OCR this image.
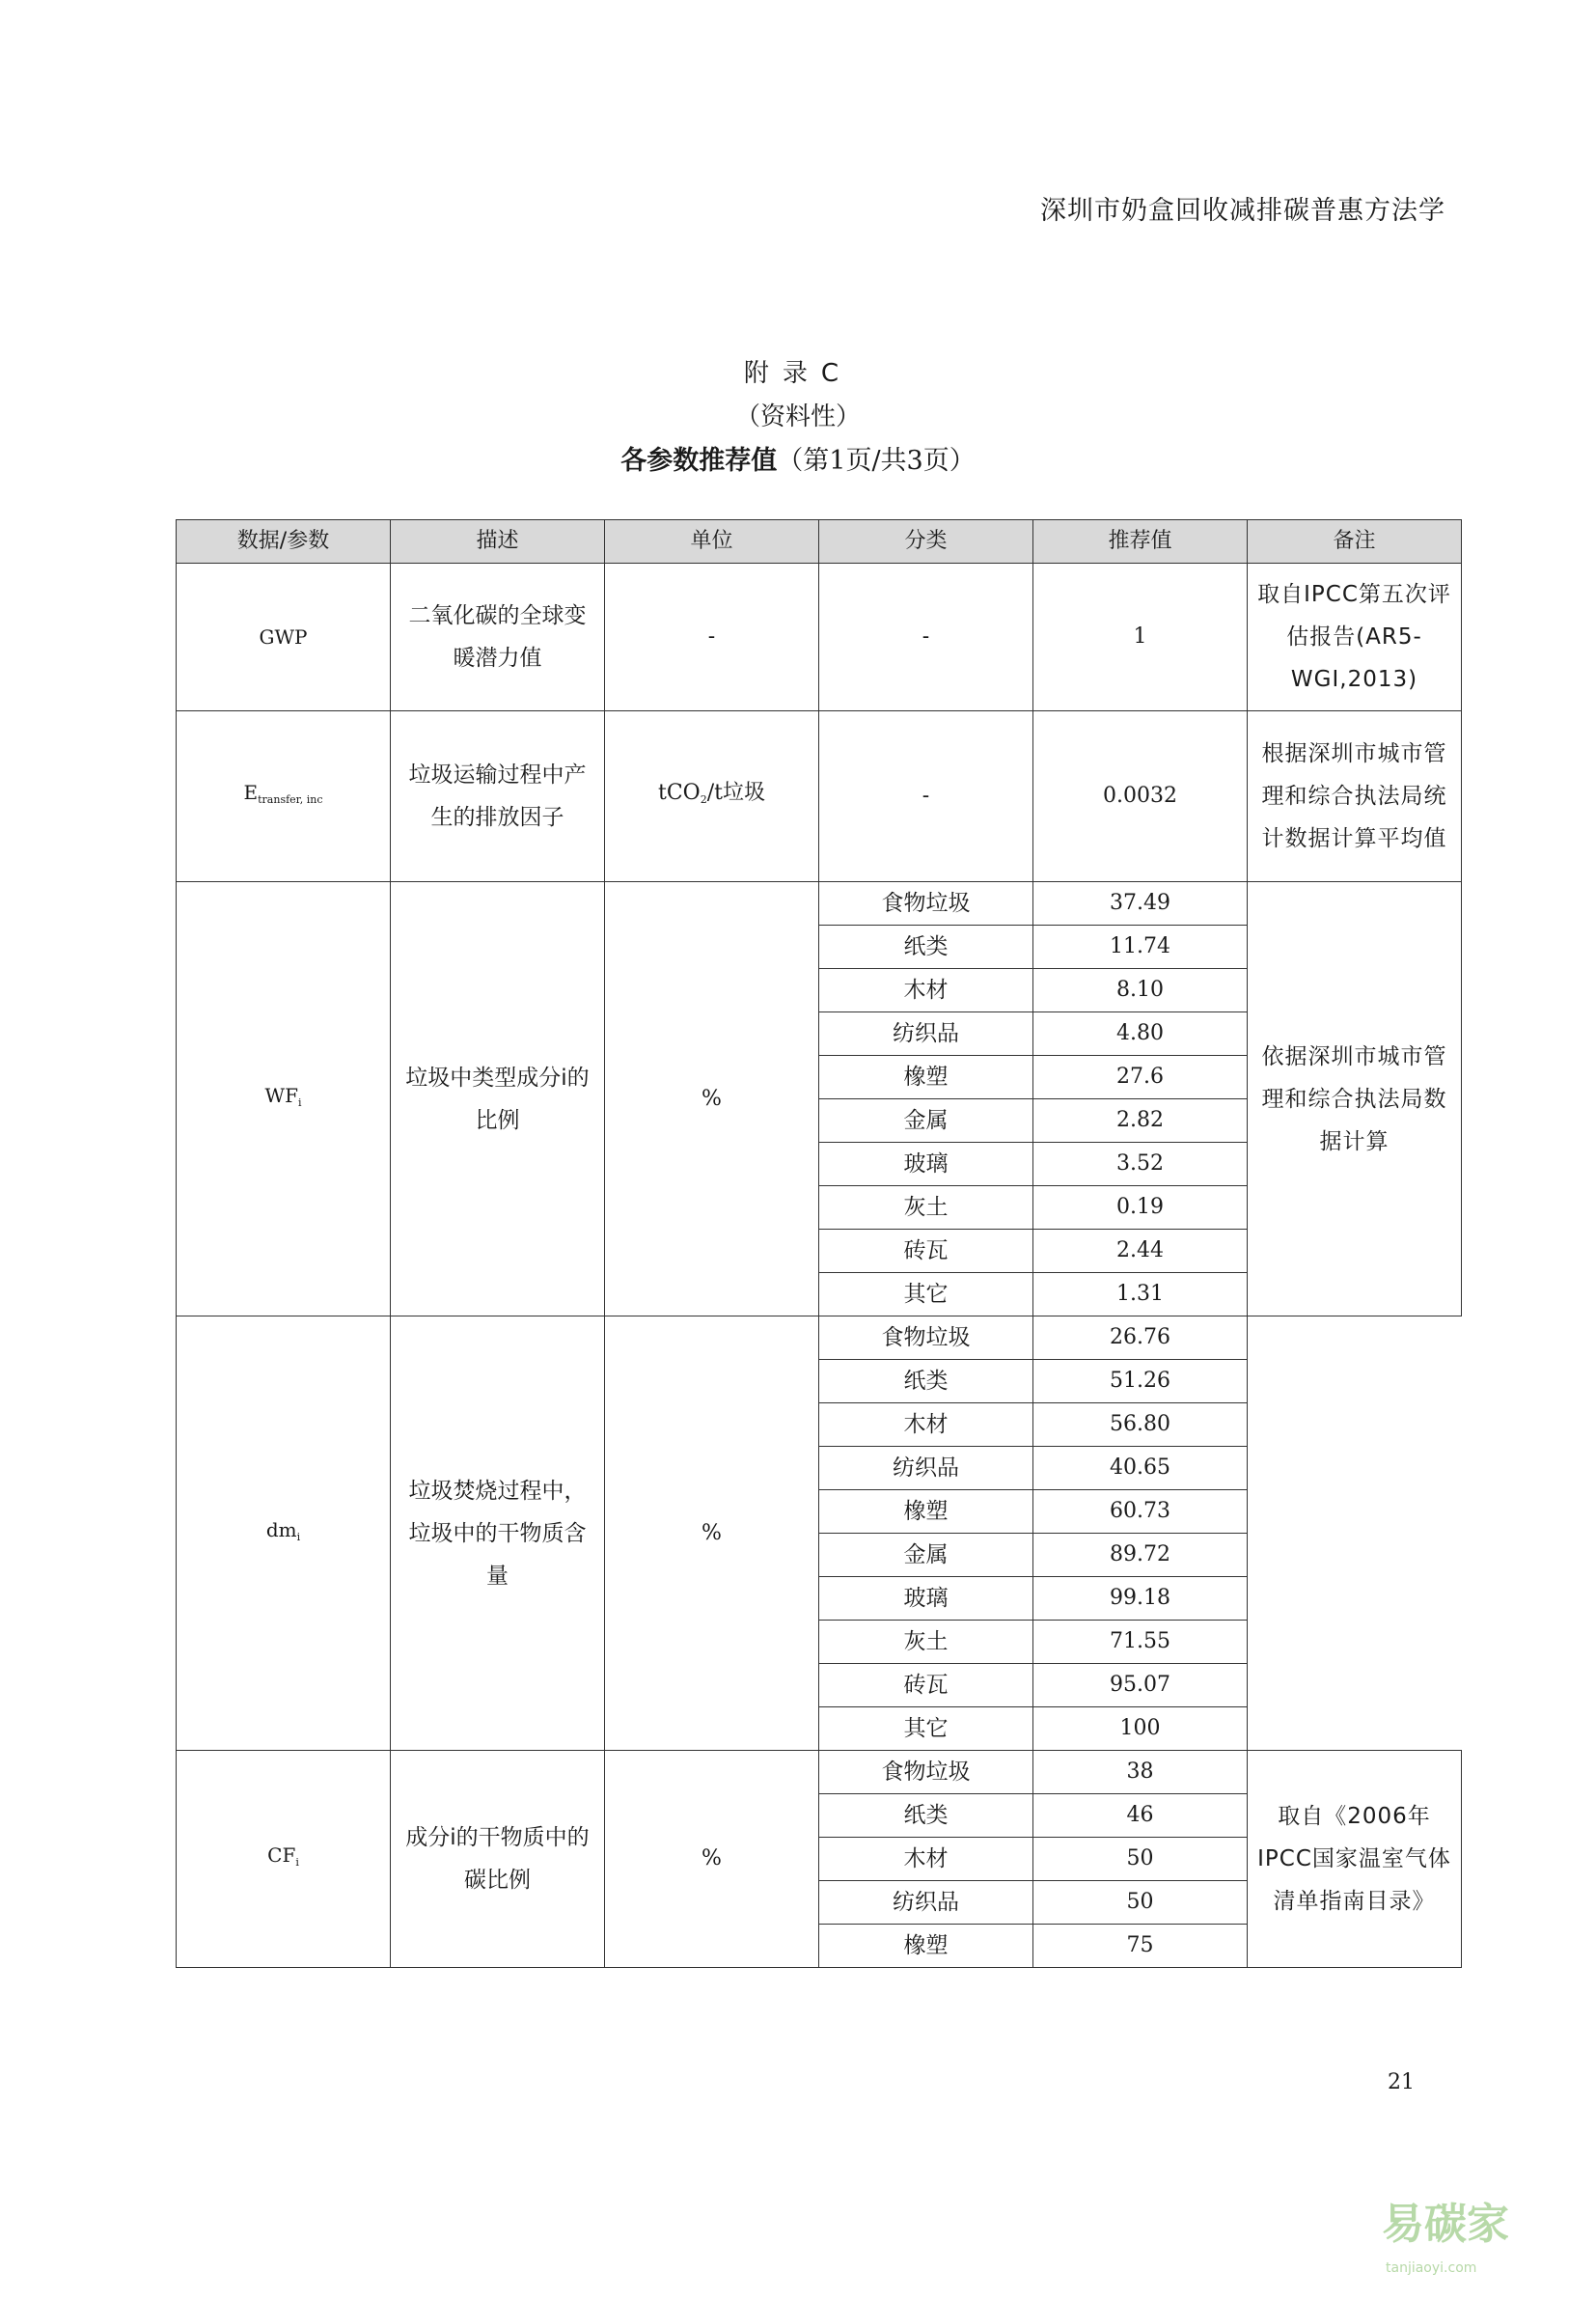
深圳市奶盒回收减排碳普惠方法学
附录C
（资料性）
各参数推荐值（第1页/共3页）
数据/参数	描述	单位	分类	推荐值	备注
GWP	二氧化碳的全球变暖潜力值	-	-	1	取自IPCC第五次评估报告(AR5-WGI,2013)
$E_{transfer, inc}$	垃圾运输过程中产生的排放因子	tCO$_2$/t垃圾	-	0.0032	根据深圳市城市管理和综合执法局统计数据计算平均值
$WF_i$	垃圾中类型成分i的比例	%	食物垃圾	37.49	依据深圳市城市管理和综合执法局数据计算
			纸类	11.74	
			木材	8.10	
			纺织品	4.80	
			橡塑	27.6	
			金属	2.82	
			玻璃	3.52	
			灰土	0.19	
			砖瓦	2.44	
			其它	1.31	
$dm_i$	垃圾焚烧过程中，垃圾中的干物质含量	%	食物垃圾	26.76	
			纸类	51.26	
			木材	56.80	
			纺织品	40.65	
			橡塑	60.73	
			金属	89.72	
			玻璃	99.18	
			灰土	71.55	
			砖瓦	95.07	
			其它	100	
$CF_i$	成分i的干物质中的碳比例	%	食物垃圾	38	取自《2006年IPCC国家温室气体清单指南目录》
			纸类	46	
			木材	50	
			纺织品	50	
			橡塑	75	
21
易碳家$^{tanjiaoyi.com}$
